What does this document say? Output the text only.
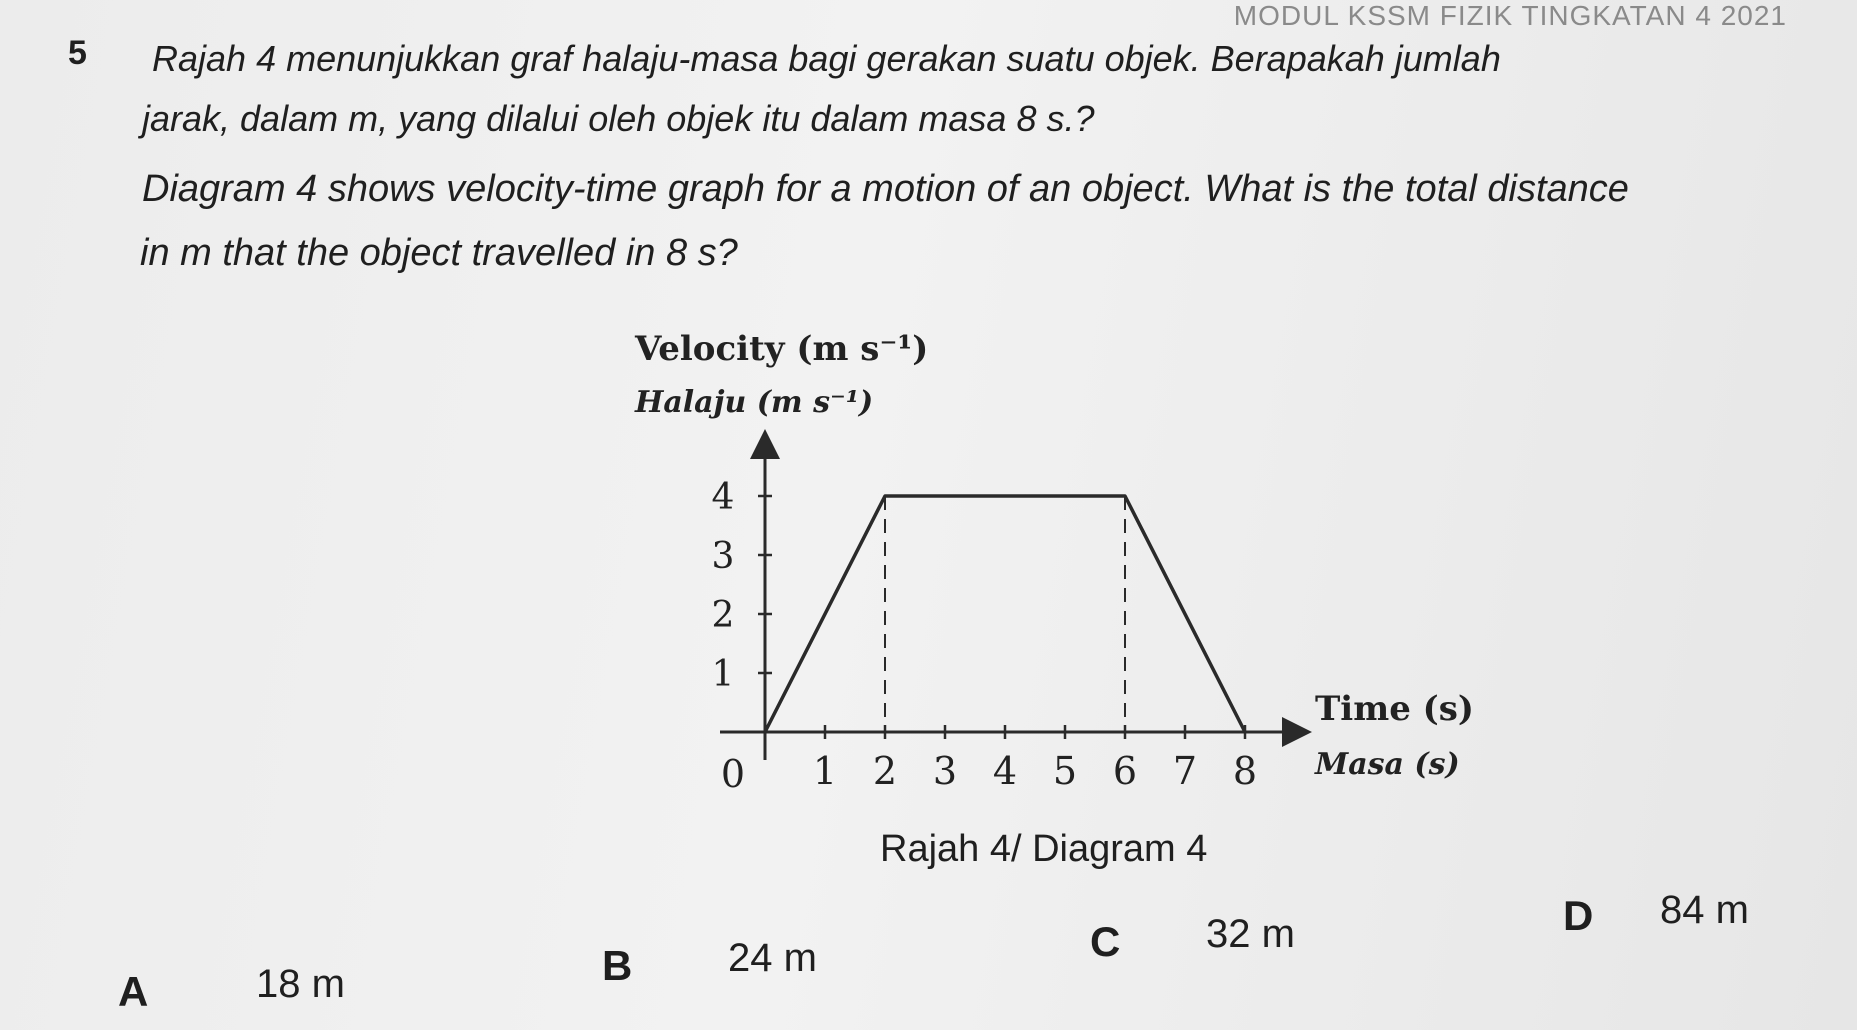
MODUL KSSM FIZIK TINGKATAN 4 2021
5 Rajah 4 menunjukkan graf halaju-masa bagi gerakan suatu objek. Berapakah jumlah
jarak, dalam m, yang dilalui oleh objek itu dalam masa 8 s.?
Diagram 4 shows velocity-time graph for a motion of an object. What is the total distance
in m that the object travelled in 8 s?
0 1 2 3 4 5 6 7 8
1
2
3
4
Velocity (m s⁻¹)
Halaju (m s⁻¹)
Time (s)
Masa (s)
Rajah 4/ Diagram 4
A	18 m	B 24 m	C 32 m	D 84 m
